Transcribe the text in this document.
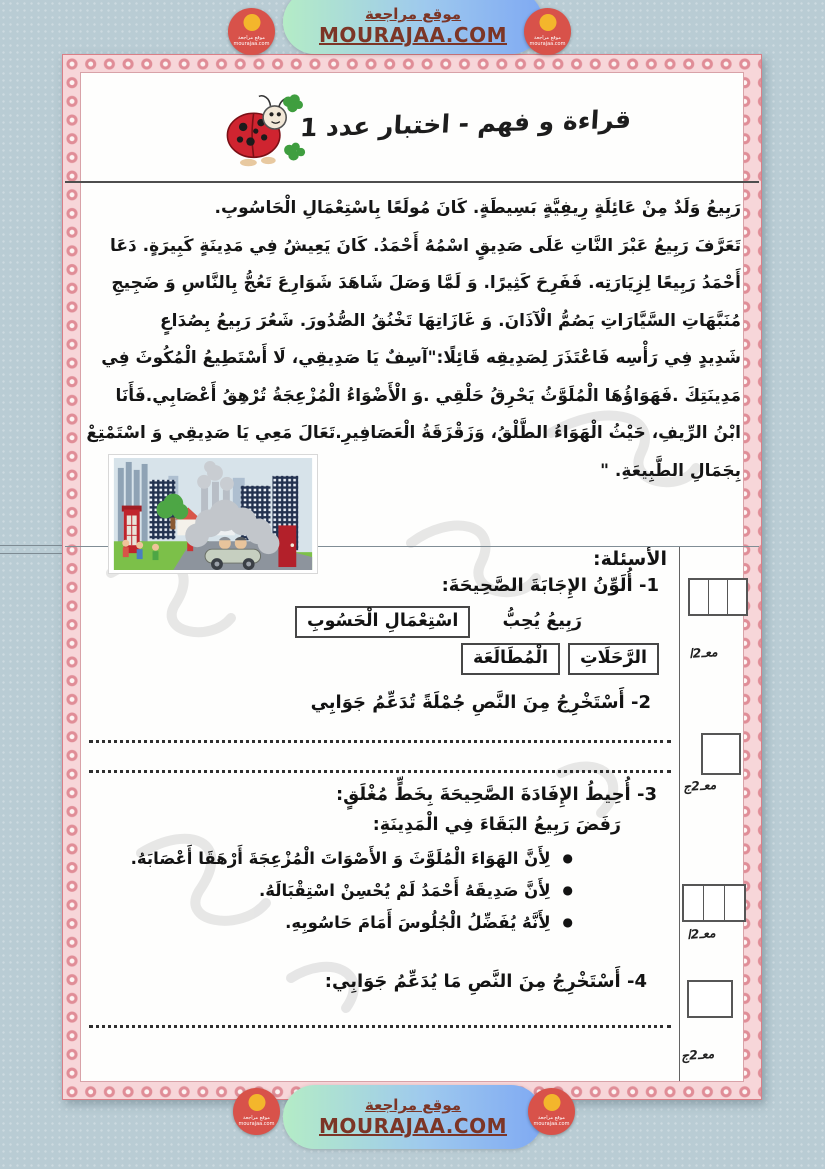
قراءة و فهم - اختبار عدد 1
رَبِيعُ وَلَدٌ مِنْ عَائِلَةٍ رِيفِيَّةٍ بَسِيطَةٍ. كَانَ مُولَعًا بِاسْتِعْمَالِ الْحَاسُوبِ.
تَعَرَّفَ رَبِيعُ عَبْرَ النَّاتِ عَلَى صَدِيقٍ اسْمُهُ أَحْمَدُ. كَانَ يَعِيشُ فِي مَدِينَةٍ كَبِيرَةٍ. دَعَا
أَحْمَدُ رَبِيعًا لِزِيَارَتِه. فَفَرِحَ كَثِيرًا. وَ لَمَّا وَصَلَ شَاهَدَ شَوَارِعَ تَعُجُّ بِالنَّاسِ وَ ضَجِيجِ
مُنَبَّهَاتِ السَّيَّارَاتِ يَصُمُّ الْآذَانَ. وَ غَازَاتِهَا تَخْنُقُ الصُّدُورَ. شَعُرَ رَبِيعُ بِصُدَاعٍ
شَدِيدٍ فِي رَأْسِه فَاعْتَذَرَ لِصَدِيقِه قَائِلًا:"آسِفٌ يَا صَدِيقِي، لَا أَسْتَطِيعُ الْمُكُوثَ فِي
مَدِينَتِكَ .فَهَوَاؤُهَا الْمُلَوَّثُ يَحْرِقُ حَلْقِي .وَ الْأَضْوَاءُ الْمُزْعِجَةُ تُرْهِقُ أَعْصَابِي.فَأَنَا
ابْنُ الرِّيفِ، حَيْثُ الْهَوَاءُ الطَّلْقُ، وَزَقْزَقَةُ الْعَصَافِيرِ.تَعَالَ مَعِي يَا صَدِيقِي وَ اسْتَمْتِعْ
بِجَمَالِ الطَّبِيعَةِ. "
الأسئلة:
1- أُلَوِّنُ الإِجَابَةَ الصَّحِيحَةَ:
رَبِيعُ يُحِبُّ اسْتِعْمَالِ الْحَسُوبِ
الرَّحَلَاتِ الْمُطَالَعَة
2- أَسْتَخْرِجُ مِنَ النَّصِ جُمْلَةً تُدَعِّمُ جَوَابِي
3- أُحِيطُ الإِفَادَةَ الصَّحِيحَةَ بِخَطٍّ مُغْلَقٍ:
رَفَضَ رَبِيعُ البَقَاءَ فِي الْمَدِينَةِ:
●لِأَنَّ الهَوَاءَ الْمُلَوَّثَ وَ الأَصْوَاتَ الْمُزْعِجَةَ أَرْهَقَا أَعْصَابَهُ.
●لِأَنَّ صَدِيقَهُ أَحْمَدُ لَمْ يُحْسِنْ اسْتِقْبَالَهُ.
●لِأَنَّهُ يُفَضِّلُ الْجُلُوسَ أَمَامَ حَاسُوبِهِ.
4- أَسْتَخْرِجُ مِنَ النَّصِ مَا يُدَعِّمُ جَوَابِي:
معـ2ا
معـ2ج
معـ2ا
معـ2ج
موقع مراجعة
mourajaa.com
موقع مراجعة
MOURAJAA.COM	موقع مراجعة
mourajaa.com
موقع مراجعة
mourajaa.com
موقع مراجعة
MOURAJAA.COM	موقع مراجعة
mourajaa.com
